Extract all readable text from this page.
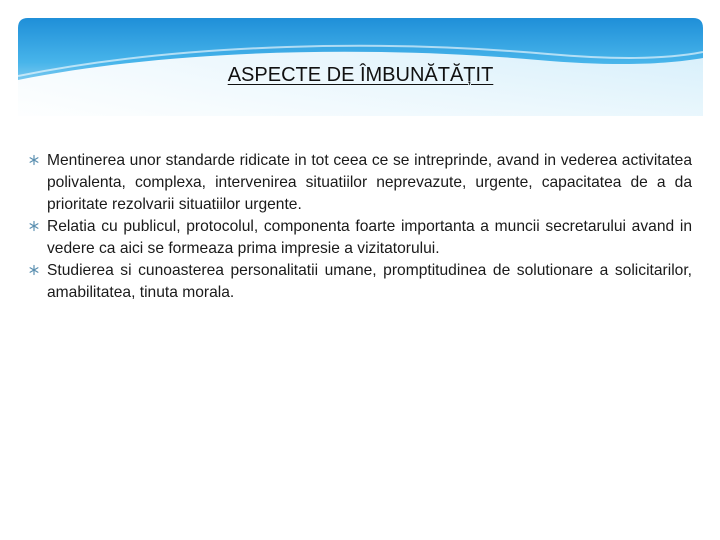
ASPECTE DE ÎMBUNĂTĂȚIT
Mentinerea unor standarde ridicate in tot ceea ce se intreprinde, avand in vederea activitatea polivalenta, complexa, intervenirea situatiilor neprevazute, urgente, capacitatea de a da prioritate rezolvarii situatiilor urgente.
Relatia cu publicul, protocolul, componenta foarte importanta a muncii secretarului avand in vedere ca aici se formeaza prima impresie a vizitatorului.
Studierea si cunoasterea personalitatii umane, promptitudinea de solutionare a solicitarilor, amabilitatea, tinuta morala.
